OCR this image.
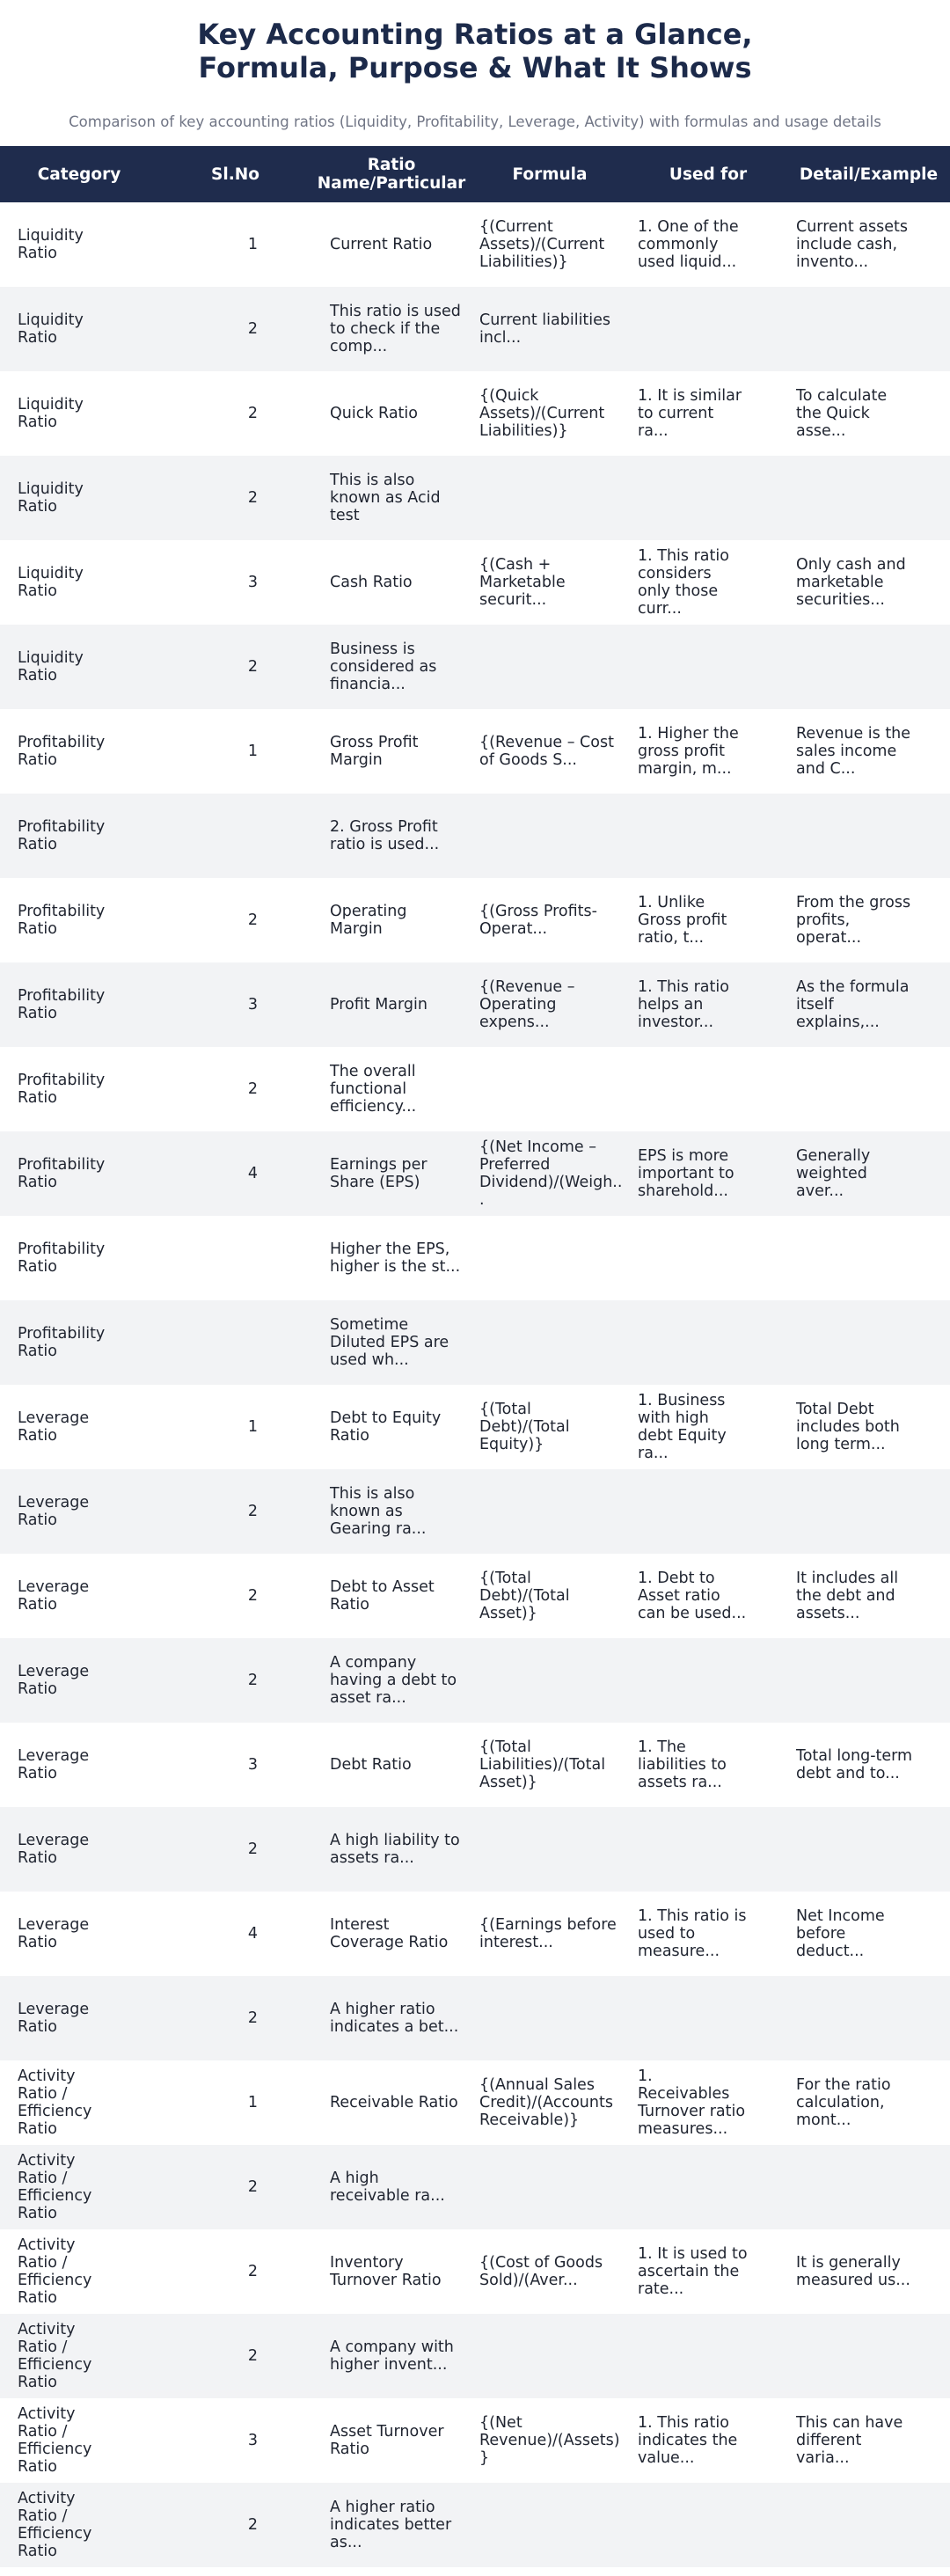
Key Accounting Ratios at a Glance, Formula, Purpose & What It Shows
Comparison of key accounting ratios (Liquidity, Profitability, Leverage, Activity) with formulas and usage details
Category	Sl.No	Ratio Name/Particular	Formula	Used for	Detail/Example

Liquidity Ratio	1	Current Ratio	{(Current Assets)/(Current Liabilities)}	1. One of the commonly used liquid...	Current assets include cash, invento...

Liquidity Ratio	2	This ratio is used to check if the comp...	Current liabilities incl...		

Liquidity Ratio	2	Quick Ratio	{(Quick Assets)/(Current Liabilities)}	1. It is similar to current ra...	To calculate the Quick asse...

Liquidity Ratio	2	This is also known as Acid test			

Liquidity Ratio	3	Cash Ratio	{(Cash + Marketable securit...	1. This ratio considers only those curr...	Only cash and marketable securities...

Liquidity Ratio	2	Business is considered as financia...			

Profitability Ratio	1	Gross Profit Margin	{(Revenue – Cost of Goods S...	1. Higher the gross profit margin, m...	Revenue is the sales income and C...

Profitability Ratio		2. Gross Profit ratio is used...			

Profitability Ratio	2	Operating Margin	{(Gross Profits-Operat...	1. Unlike Gross profit ratio, t...	From the gross profits, operat...

Profitability Ratio	3	Profit Margin	{(Revenue – Operating expens...	1. This ratio helps an investor...	As the formula itself explains,...

Profitability Ratio	2	The overall functional efficiency...			

Profitability Ratio	4	Earnings per Share (EPS)	{(Net Income – Preferred Dividend)/(Weigh...	EPS is more important to sharehold...	Generally weighted aver...

Profitability Ratio		Higher the EPS, higher is the st...			

Profitability Ratio		Sometime Diluted EPS are used wh...			

Leverage Ratio	1	Debt to Equity Ratio	{(Total Debt)/(Total Equity)}	1. Business with high debt Equity ra...	Total Debt includes both long term...

Leverage Ratio	2	This is also known as Gearing ra...			

Leverage Ratio	2	Debt to Asset Ratio	{(Total Debt)/(Total Asset)}	1. Debt to Asset ratio can be used...	It includes all the debt and assets...

Leverage Ratio	2	A company having a debt to asset ra...			

Leverage Ratio	3	Debt Ratio	{(Total Liabilities)/(Total Asset)}	1. The liabilities to assets ra...	Total long-term debt and to...

Leverage Ratio	2	A high liability to assets ra...			

Leverage Ratio	4	Interest Coverage Ratio	{(Earnings before interest...	1. This ratio is used to measure...	Net Income before deduct...

Leverage Ratio	2	A higher ratio indicates a bet...			

Activity Ratio / Efficiency Ratio	1	Receivable Ratio	{(Annual Sales Credit)/(Accounts Receivable)}	1. Receivables Turnover ratio measures...	For the ratio calculation, mont...

Activity Ratio / Efficiency Ratio	2	A high receivable ra...			

Activity Ratio / Efficiency Ratio	2	Inventory Turnover Ratio	{(Cost of Goods Sold)/(Aver...	1. It is used to ascertain the rate...	It is generally measured us...

Activity Ratio / Efficiency Ratio	2	A company with higher invent...			

Activity Ratio / Efficiency Ratio	3	Asset Turnover Ratio	{(Net Revenue)/(Assets)}	1. This ratio indicates the value...	This can have different varia...

Activity Ratio / Efficiency Ratio	2	A higher ratio indicates better as...			
